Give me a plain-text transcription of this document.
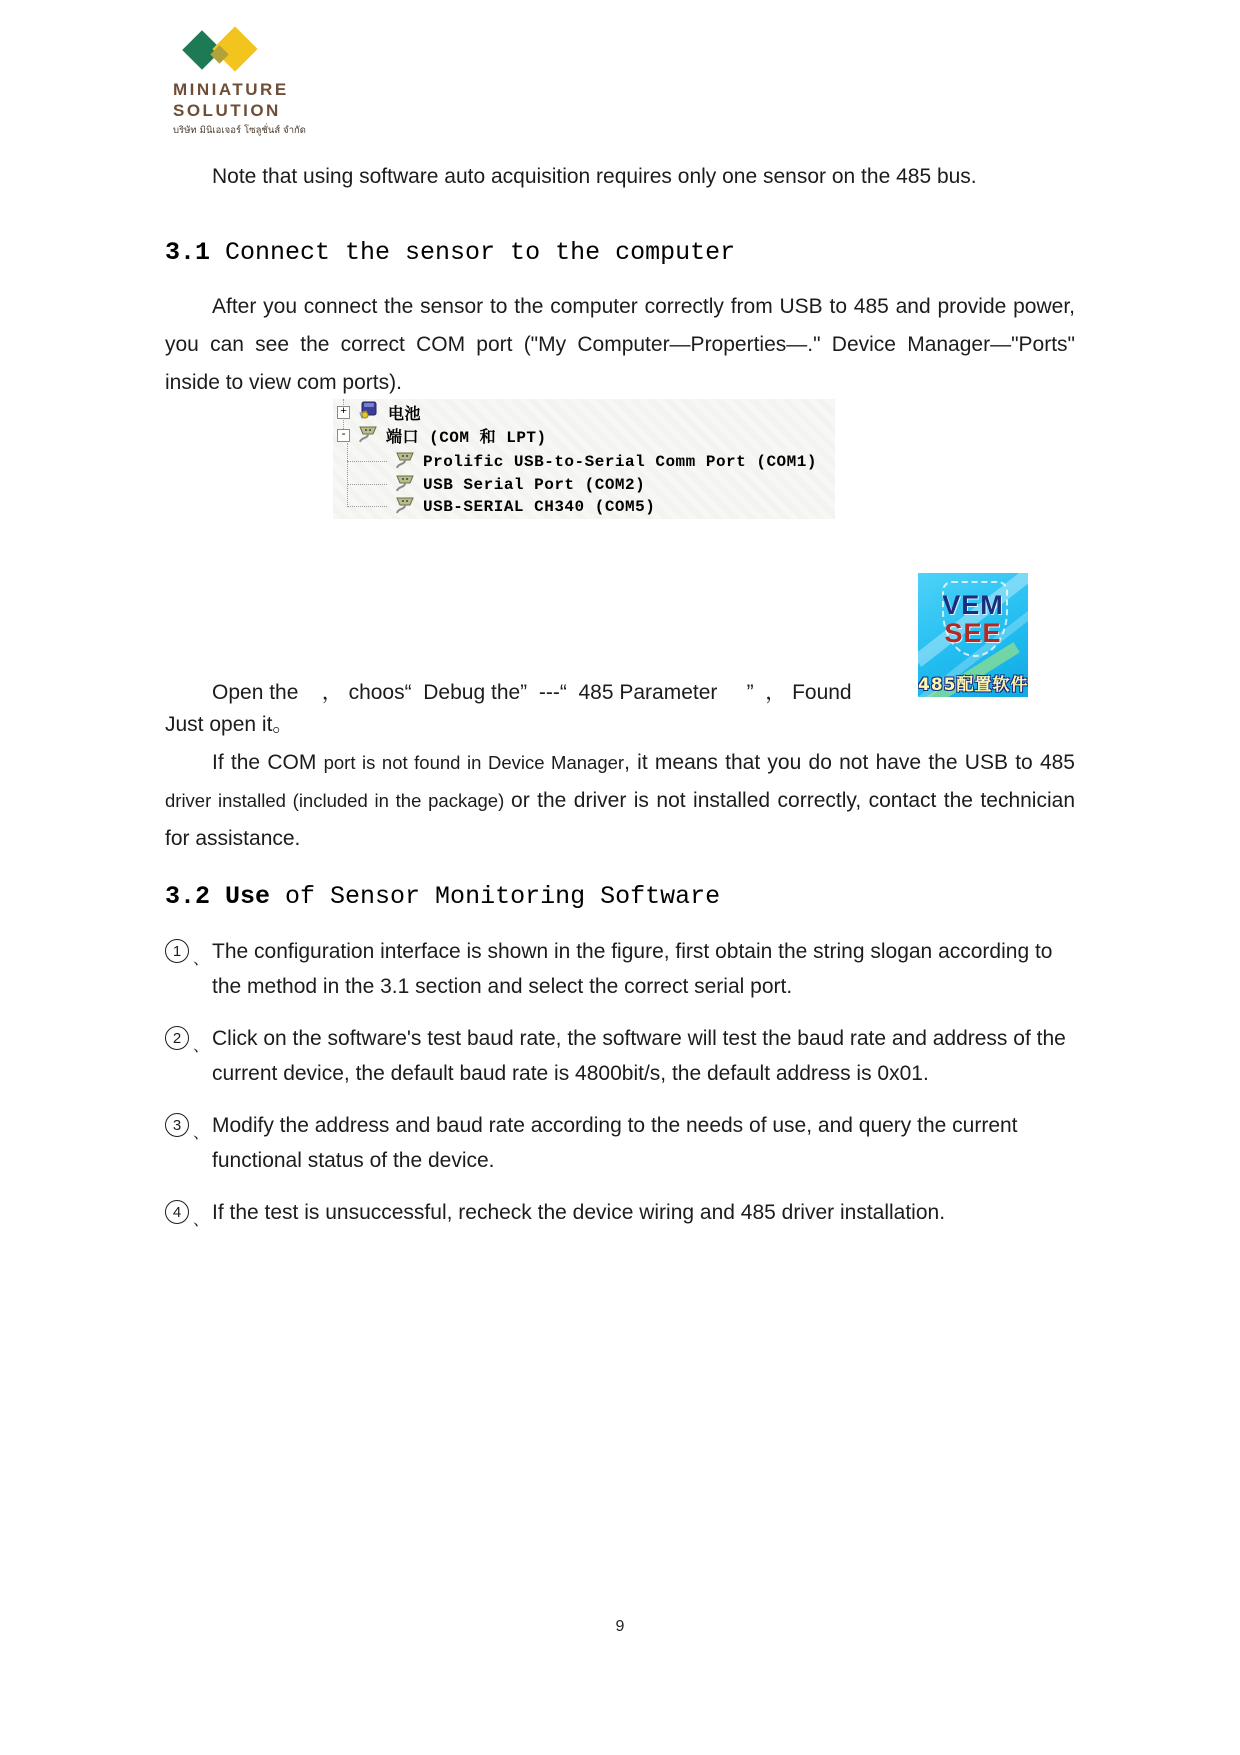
MINIATURE
SOLUTION
บริษัท มินิเอเจอร์ โซลูชั่นส์ จำกัด

Note that using software auto acquisition requires only one sensor on the 485 bus.

3.1 Connect the sensor to the computer

After you connect the sensor to the computer correctly from USB to 485 and provide power, you can see the correct COM port ("My Computer—Properties—." Device Manager—"Ports" inside to view com ports).

+	电池
- 端口 (COM 和 LPT)
Prolific USB-to-Serial Comm Port (COM1)
USB Serial Port (COM2)
USB-SERIAL CH340 (COM5)
VEM
SEE
485配置软件

Open the    ， choos“  Debug the”  ---“  485 Parameter     ”  ， Found

Just open it。

If the COM port is not found in Device Manager, it means that you do not have the USB to 485 driver installed (included in the package) or the driver is not installed correctly, contact the technician for assistance.

3.2 Use of Sensor Monitoring Software
1 、 The configuration interface is shown in the figure, first obtain the string slogan according to the method in the 3.1 section and select the correct serial port.
2 、 Click on the software's test baud rate, the software will test the baud rate and address of the current device, the default baud rate is 4800bit/s, the default address is 0x01.
3 、 Modify the address and baud rate according to the needs of use, and query the current functional status of the device.
4 、 If the test is unsuccessful, recheck the device wiring and 485 driver installation.
9
